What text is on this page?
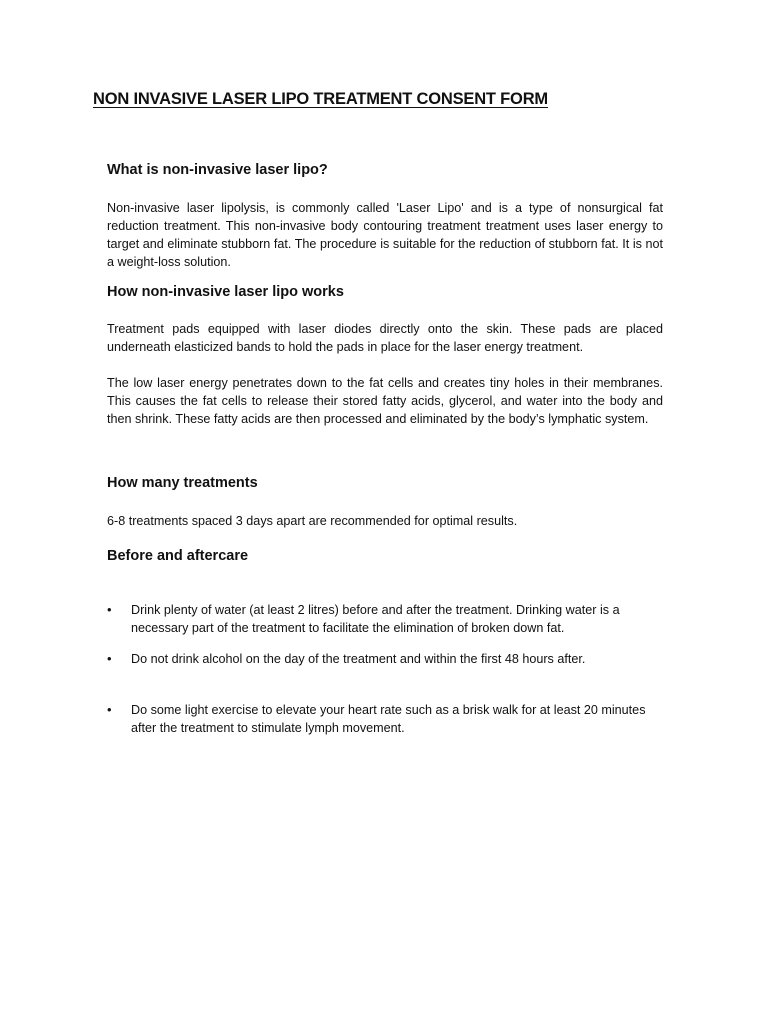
NON INVASIVE LASER LIPO TREATMENT CONSENT FORM
What is non-invasive laser lipo?
Non-invasive laser lipolysis, is commonly called 'Laser Lipo' and is a type of nonsurgical fat reduction treatment. This non-invasive body contouring treatment treatment uses laser energy to target and eliminate stubborn fat. The procedure is suitable for the reduction of stubborn fat. It is not a weight-loss solution.
How non-invasive laser lipo works
Treatment pads equipped with laser diodes directly onto the skin. These pads are placed underneath elasticized bands to hold the pads in place for the laser energy treatment.
The low laser energy penetrates down to the fat cells and creates tiny holes in their membranes. This causes the fat cells to release their stored fatty acids, glycerol, and water into the body and then shrink. These fatty acids are then processed and eliminated by the body’s lymphatic system.
How many treatments
6-8 treatments spaced 3 days apart are recommended for optimal results.
Before and aftercare
•	Drink plenty of water (at least 2 litres) before and after the treatment. Drinking water is a necessary part of the treatment to facilitate the elimination of broken down fat.
•	Do not drink alcohol on the day of the treatment and within the first 48 hours after.
•	Do some light exercise to elevate your heart rate such as a brisk walk for at least 20 minutes after the treatment to stimulate lymph movement.
